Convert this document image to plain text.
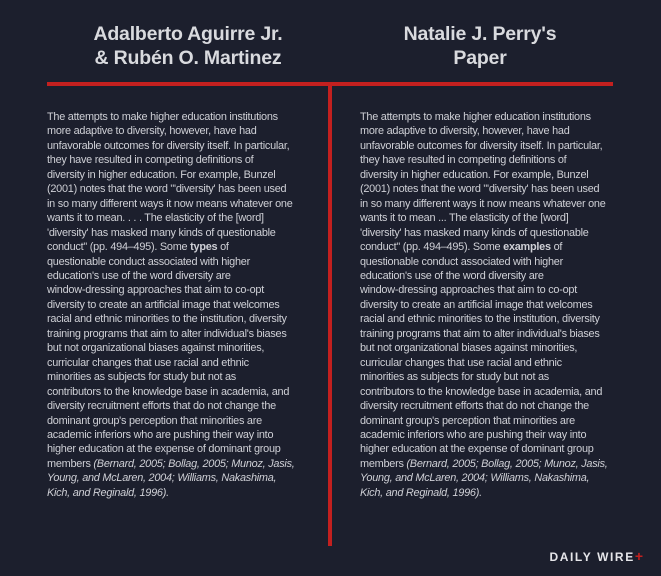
Adalberto Aguirre Jr.
& Rubén O. Martinez
Natalie J. Perry's
Paper
The attempts to make higher education institutions
more adaptive to diversity, however, have had
unfavorable outcomes for diversity itself. In particular,
they have resulted in competing definitions of
diversity in higher education. For example, Bunzel
(2001) notes that the word "'diversity' has been used
in so many different ways it now means whatever one
wants it to mean. . . . The elasticity of the [word]
'diversity' has masked many kinds of questionable
conduct" (pp. 494–495). Some types of
questionable conduct associated with higher
education's use of the word diversity are
window-dressing approaches that aim to co-opt
diversity to create an artificial image that welcomes
racial and ethnic minorities to the institution, diversity
training programs that aim to alter individual's biases
but not organizational biases against minorities,
curricular changes that use racial and ethnic
minorities as subjects for study but not as
contributors to the knowledge base in academia, and
diversity recruitment efforts that do not change the
dominant group's perception that minorities are
academic inferiors who are pushing their way into
higher education at the expense of dominant group
members (Bernard, 2005; Bollag, 2005; Munoz, Jasis,
Young, and McLaren, 2004; Williams, Nakashima,
Kich, and Reginald, 1996).
The attempts to make higher education institutions
more adaptive to diversity, however, have had
unfavorable outcomes for diversity itself. In particular,
they have resulted in competing definitions of
diversity in higher education. For example, Bunzel
(2001) notes that the word "'diversity' has been used
in so many different ways it now means whatever one
wants it to mean ... The elasticity of the [word]
'diversity' has masked many kinds of questionable
conduct" (pp. 494–495). Some examples of
questionable conduct associated with higher
education's use of the word diversity are
window-dressing approaches that aim to co-opt
diversity to create an artificial image that welcomes
racial and ethnic minorities to the institution, diversity
training programs that aim to alter individual's biases
but not organizational biases against minorities,
curricular changes that use racial and ethnic
minorities as subjects for study but not as
contributors to the knowledge base in academia, and
diversity recruitment efforts that do not change the
dominant group's perception that minorities are
academic inferiors who are pushing their way into
higher education at the expense of dominant group
members (Bernard, 2005; Bollag, 2005; Munoz, Jasis,
Young, and McLaren, 2004; Williams, Nakashima,
Kich, and Reginald, 1996).
DAILY WIRE+
